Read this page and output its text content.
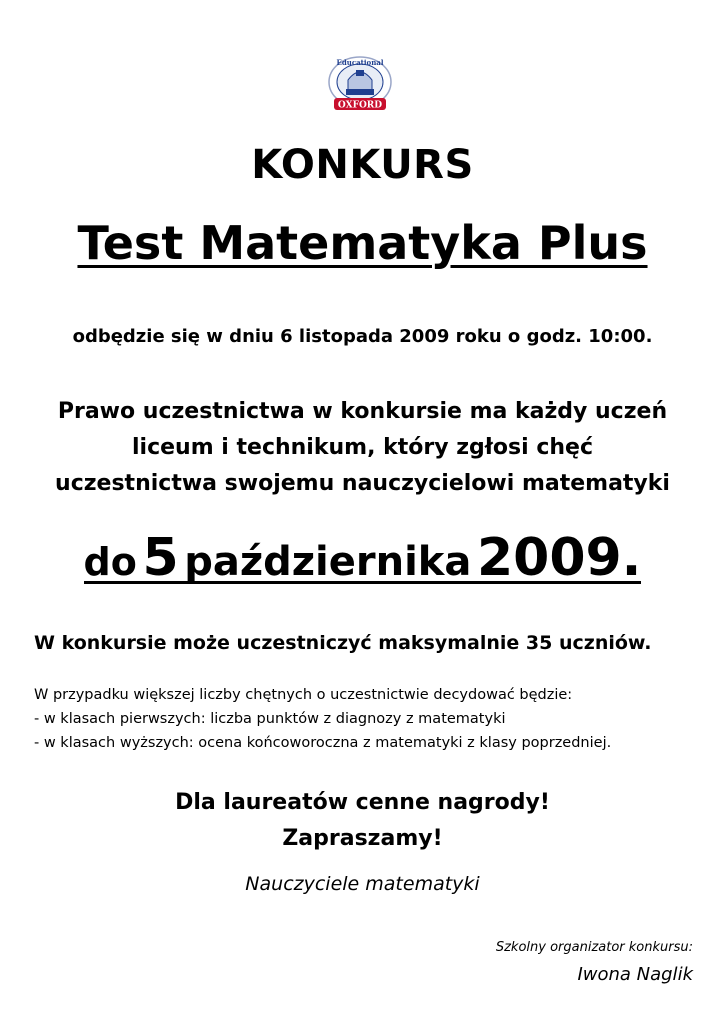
OXFORD
Educational
KONKURS
Test Matematyka Plus
odbędzie się w dniu 6 listopada 2009 roku o godz. 10:00.
Prawo uczestnictwa w konkursie ma każdy uczeń
liceum i technikum, który zgłosi chęć
uczestnictwa swojemu nauczycielowi matematyki
do 5 października 2009.
W konkursie może uczestniczyć maksymalnie 35 uczniów.
W przypadku większej liczby chętnych o uczestnictwie decydować będzie:
- w klasach pierwszych: liczba punktów z diagnozy z matematyki
- w klasach wyższych: ocena końcoworoczna z matematyki z klasy poprzedniej.
Dla laureatów cenne nagrody!
Zapraszamy!
Nauczyciele matematyki
Szkolny organizator konkursu:
Iwona Naglik
